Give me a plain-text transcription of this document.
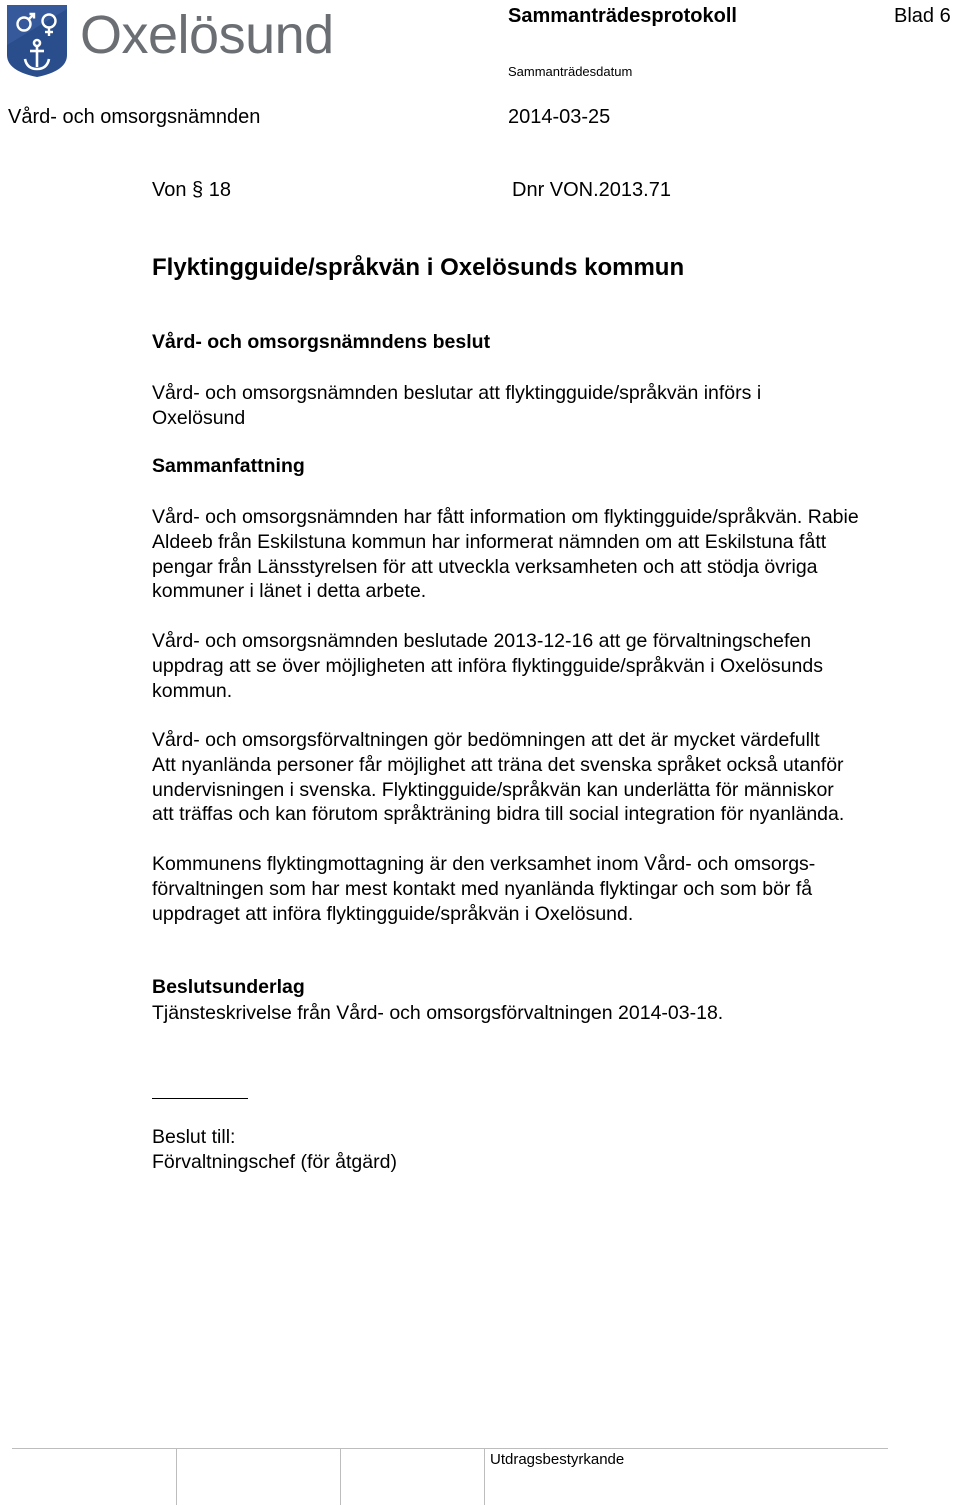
Oxelösund	Sammanträdesprotokoll	Blad 6
Sammanträdesdatum
Vård- och omsorgsnämnden	2014-03-25
Von § 18	Dnr VON.2013.71
Flyktingguide/språkvän i Oxelösunds kommun
Vård- och omsorgsnämndens beslut
Vård- och omsorgsnämnden beslutar att flyktingguide/språkvän införs i
Oxelösund
Sammanfattning
Vård- och omsorgsnämnden har fått information om flyktingguide/språkvän. Rabie
Aldeeb från Eskilstuna kommun har informerat nämnden om att Eskilstuna fått
pengar från Länsstyrelsen för att utveckla verksamheten och att stödja övriga
kommuner i länet i detta arbete.
Vård- och omsorgsnämnden beslutade 2013-12-16 att ge förvaltningschefen
uppdrag att se över möjligheten att införa flyktingguide/språkvän i Oxelösunds
kommun.
Vård- och omsorgsförvaltningen gör bedömningen att det är mycket värdefullt
Att nyanlända personer får möjlighet att träna det svenska språket också utanför
undervisningen i svenska. Flyktingguide/språkvän kan underlätta för människor
att träffas och kan förutom språkträning bidra till social integration för nyanlända.
Kommunens flyktingmottagning är den verksamhet inom Vård- och omsorgs-
förvaltningen som har mest kontakt med nyanlända flyktingar och som bör få
uppdraget att införa flyktingguide/språkvän i Oxelösund.
Beslutsunderlag
Tjänsteskrivelse från Vård- och omsorgsförvaltningen 2014-03-18.
Beslut till:
Förvaltningschef (för åtgärd)
Utdragsbestyrkande
